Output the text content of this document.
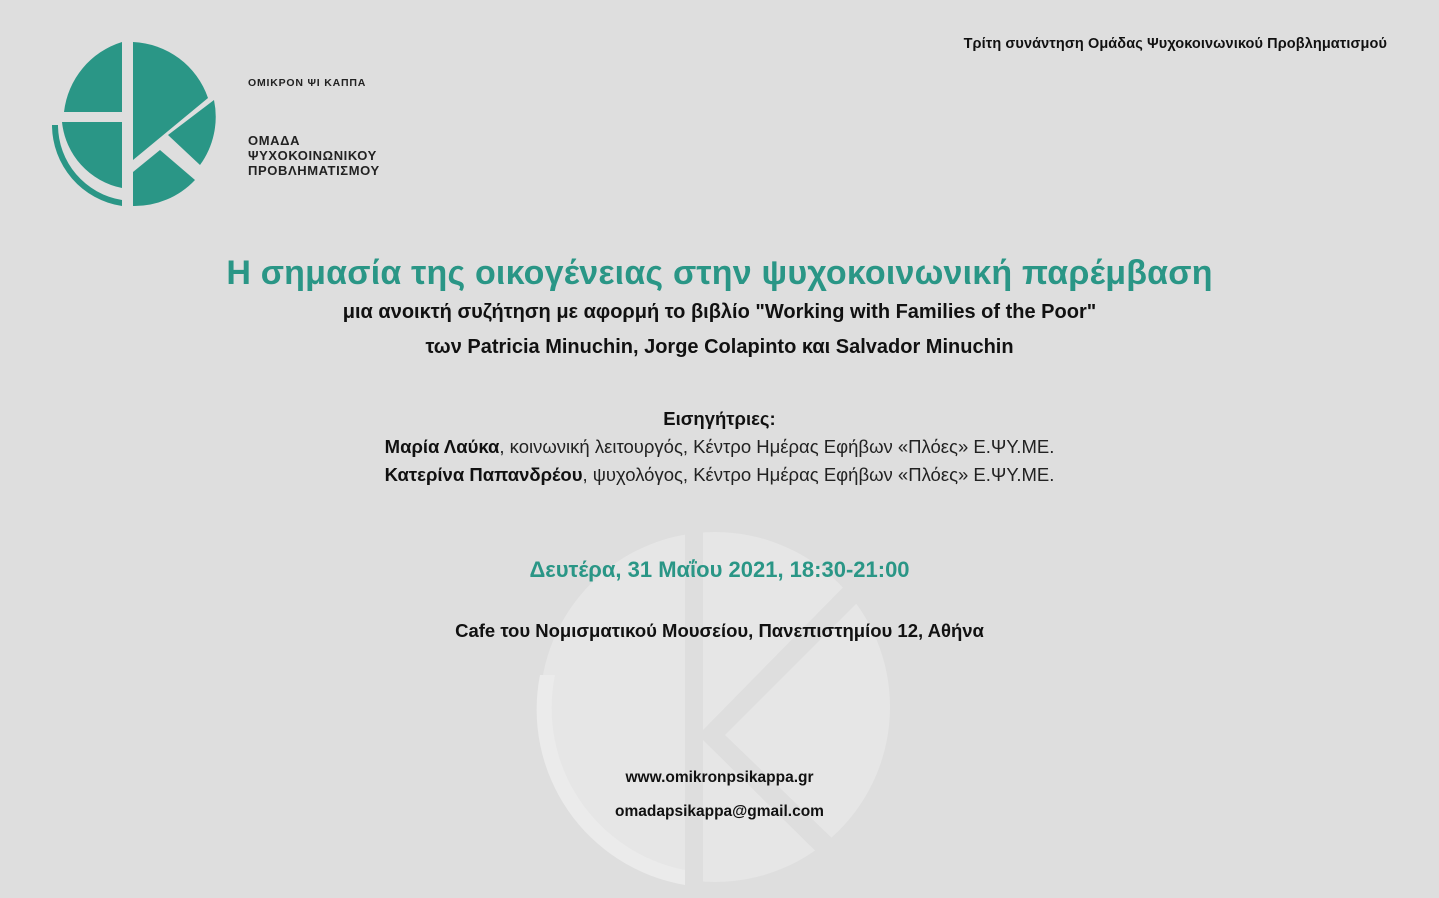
ΟΜΙΚΡΟΝ ΨΙ ΚΑΠΠΑ
ΟΜΑΔΑ
ΨΥΧΟΚΟΙΝΩΝΙΚΟΥ
ΠΡΟΒΛΗΜΑΤΙΣΜΟΥ
Τρίτη συνάντηση Ομάδας Ψυχοκοινωνικού Προβληματισμού
Η σημασία της οικογένειας στην ψυχοκοινωνική παρέμβαση
μια ανοικτή συζήτηση με αφορμή το βιβλίο "Working with Families of the Poor"
των Patricia Minuchin, Jorge Colapinto και Salvador Minuchin
Εισηγήτριες:
Μαρία Λαύκα, κοινωνική λειτουργός, Κέντρο Ημέρας Εφήβων «Πλόες» Ε.ΨΥ.ΜΕ.
Κατερίνα Παπανδρέου, ψυχολόγος, Κέντρο Ημέρας Εφήβων «Πλόες» Ε.ΨΥ.ΜΕ.
Δευτέρα, 31 Μαΐου 2021, 18:30-21:00
Cafe του Νομισματικού Μουσείου, Πανεπιστημίου 12, Αθήνα
www.omikronpsikappa.gr
omadapsikappa@gmail.com
